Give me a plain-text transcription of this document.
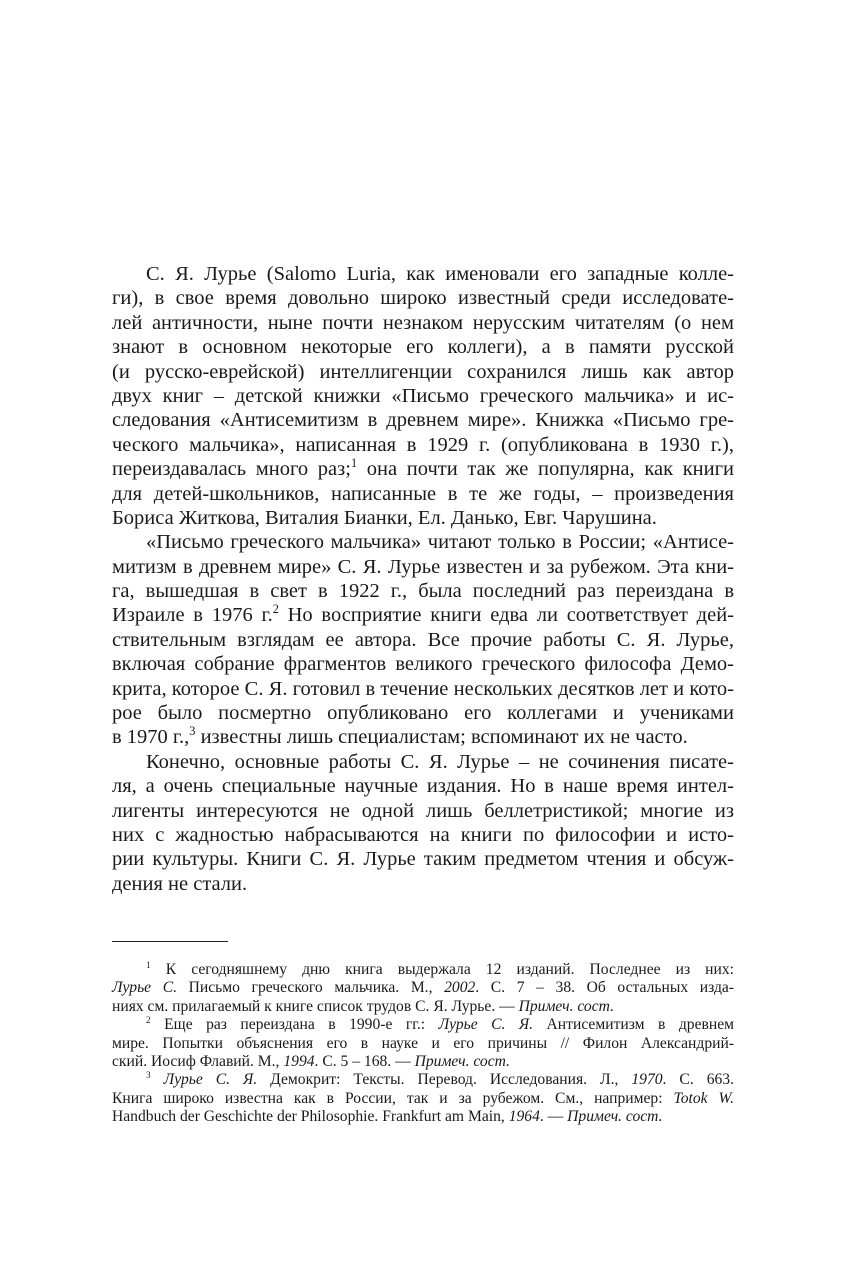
С. Я. Лурье (Salomo Luria, как именовали его западные колле-
ги), в свое время довольно широко известный среди исследовате-
лей античности, ныне почти незнаком нерусским читателям (о нем
знают в основном некоторые его коллеги), а в памяти русской
(и русско-еврейской) интеллигенции сохранился лишь как автор
двух книг – детской книжки «Письмо греческого мальчика» и ис-
следования «Антисемитизм в древнем мире». Книжка «Письмо гре-
ческого мальчика», написанная в 1929 г. (опубликована в 1930 г.),
переиздавалась много раз;$^1$ она почти так же популярна, как книги
для детей-школьников, написанные в те же годы, – произведения
Бориса Житкова, Виталия Бианки, Ел. Данько, Евг. Чарушина.
«Письмо греческого мальчика» читают только в России; «Антисе-
митизм в древнем мире» С. Я. Лурье известен и за рубежом. Эта кни-
га, вышедшая в свет в 1922 г., была последний раз переиздана в
Израиле в 1976 г.$^2$ Но восприятие книги едва ли соответствует дей-
ствительным взглядам ее автора. Все прочие работы С. Я. Лурье,
включая собрание фрагментов великого греческого философа Демо-
крита, которое С. Я. готовил в течение нескольких десятков лет и кото-
рое было посмертно опубликовано его коллегами и учениками
в 1970 г.,$^3$ известны лишь специалистам; вспоминают их не часто.
Конечно, основные работы С. Я. Лурье – не сочинения писате-
ля, а очень специальные научные издания. Но в наше время интел-
лигенты интересуются не одной лишь беллетристикой; многие из
них с жадностью набрасываются на книги по философии и исто-
рии культуры. Книги С. Я. Лурье таким предметом чтения и обсуж-
дения не стали.
$^1$ К сегодняшнему дню книга выдержала 12 изданий. Последнее из них:
Лурье С. Письмо греческого мальчика. М., 2002. С. 7 – 38. Об остальных изда-
ниях см. прилагаемый к книге список трудов С. Я. Лурье. — Примеч. сост.
$^2$ Еще раз переиздана в 1990-е гг.: Лурье С. Я. Антисемитизм в древнем
мире. Попытки объяснения его в науке и его причины // Филон Александрий-
ский. Иосиф Флавий. М., 1994. С. 5 – 168. — Примеч. сост.
$^3$ Лурье С. Я. Демокрит: Тексты. Перевод. Исследования. Л., 1970. С. 663.
Книга широко известна как в России, так и за рубежом. См., например: Totok W.
Handbuch der Geschichte der Philosophie. Frankfurt am Main, 1964. — Примеч. сост.
